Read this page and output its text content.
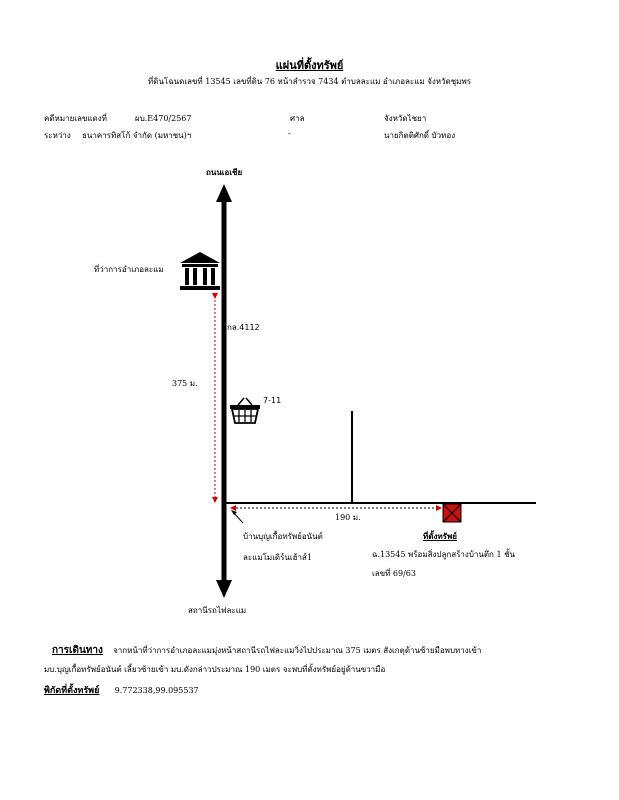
แผ่นที่ตั้งทรัพย์
ที่ดินโฉนดเลขที่ 13545 เลขที่ดิน 76 หน้าสำรวจ 7434 ตำบลละแม อำเภอละแม จังหวัดชุมพร
คดีหมายเลขแดงที่	ผบ.E470/2567	ศาล	จังหวัดไชยา
ระหว่าง ธนาคารทิสโก้ จำกัด (มหาชน)ฯ	-	นายกิตติศักดิ์ บัวทอง
ถนนเอเชีย
ที่ว่าการอำเภอละแม
กล.4112
375 ม.
7-11
190 ม.
บ้านบุญเกื้อทรัพย์อนันต์
ละแมโมเดิร์นเฮ้าส์1
ที่ตั้งทรัพย์
ฉ.13545 พร้อมสิ่งปลูกสร้างบ้านตึก 1 ชั้น
เลขที่ 69/63
สถานีรถไฟละแม
การเดินทาง จากหน้าที่ว่าการอำเภอละแมมุ่งหน้าสถานีรถไฟละแมวิ่งไปประมาณ 375 เมตร สังเกตุด้านซ้ายมือพบทางเข้า
มบ.บุญเกื้อทรัพย์อนันต์ เลี้ยวซ้ายเข้า มบ.ดังกล่าวประมาณ 190 เมตร จะพบที่ตั้งทรัพย์อยู่ด้านขวามือ
พิกัดที่ตั้งทรัพย์ 9.772338,99.095537
